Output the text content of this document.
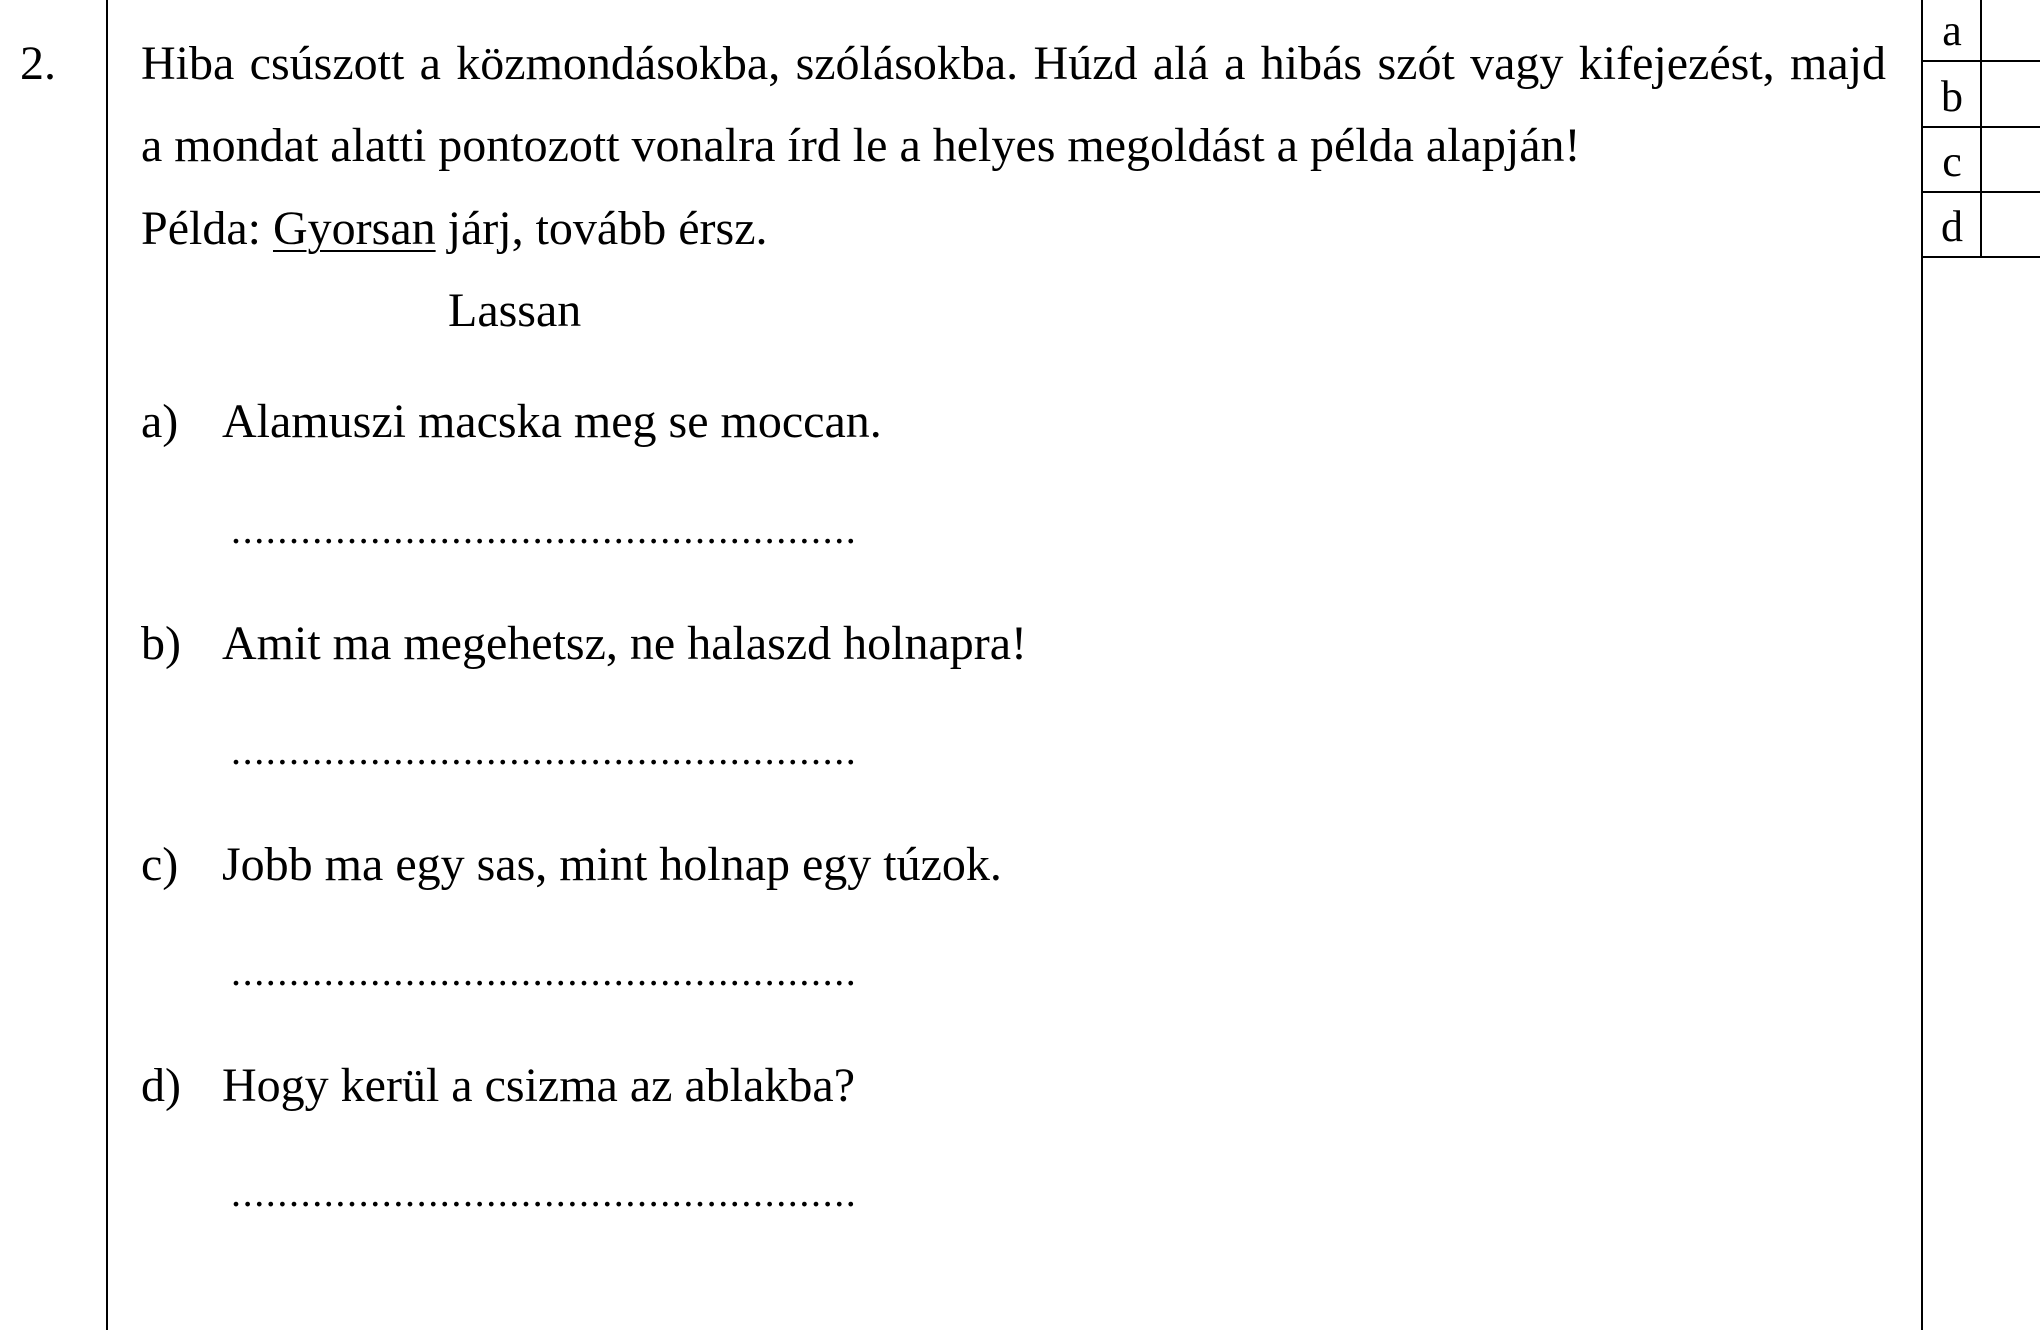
a
b
c
d
2. Hiba csúszott a közmondásokba, szólásokba. Húzd alá a hibás szót vagy kifejezést, majd
a mondat alatti pontozott vonalra írd le a helyes megoldást a példa alapján!
Példa: Gyorsan járj, tovább érsz.
Lassan
a) Alamuszi macska meg se moccan.
......................................................
b) Amit ma megehetsz, ne halaszd holnapra!
......................................................
c) Jobb ma egy sas, mint holnap egy túzok.
......................................................
d) Hogy kerül a csizma az ablakba?
......................................................
